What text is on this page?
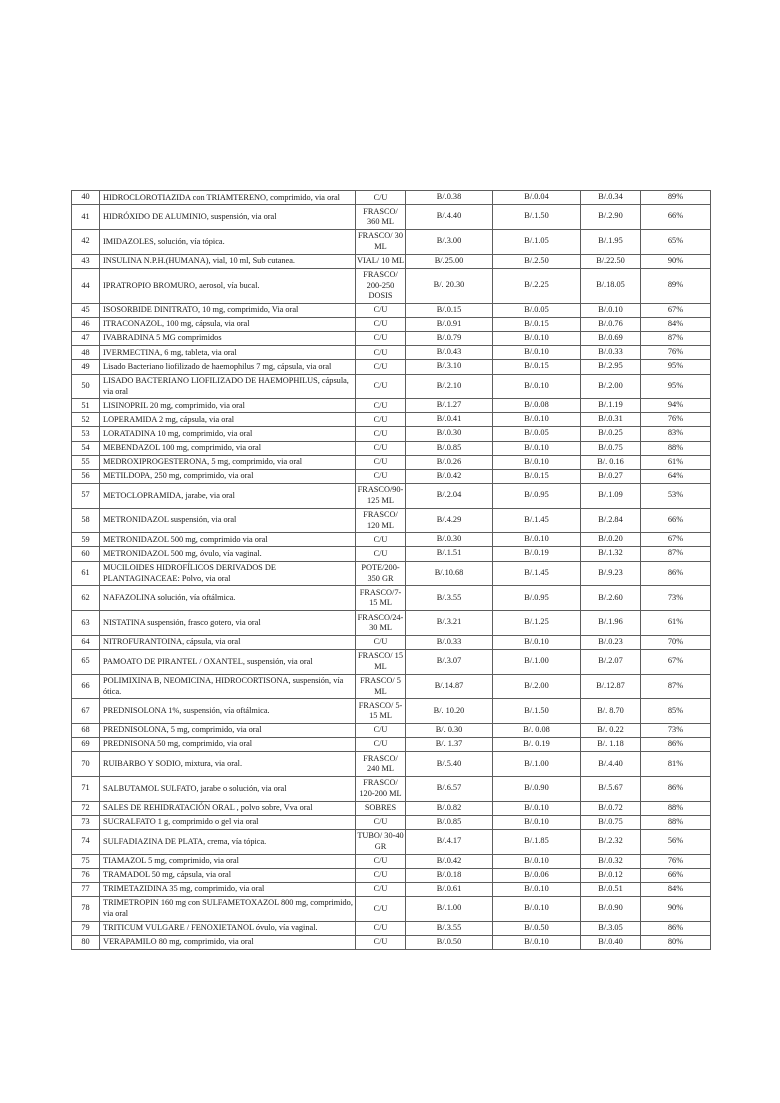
40	HIDROCLOROTIAZIDA con TRIAMTERENO, comprimido, via oral	C/U	B/.0.38	B/.0.04	B/.0.34	89%

41	HIDRÓXIDO DE ALUMINIO, suspensión, via oral	FRASCO/ 360 ML	B/.4.40	B/.1.50	B/.2.90	66%

42	IMIDAZOLES, solución, vía tópica.	FRASCO/ 30 ML	B/.3.00	B/.1.05	B/.1.95	65%

43	INSULINA N.P.H.(HUMANA), vial, 10 ml, Sub cutanea.	VIAL/ 10 ML	B/.25.00	B/.2.50	B/.22.50	90%

44	IPRATROPIO BROMURO, aerosol, vía bucal.	FRASCO/ 200-250 DOSIS	B/. 20.30	B/.2.25	B/.18.05	89%

45	ISOSORBIDE DINITRATO, 10 mg, comprimido, Via oral	C/U	B/.0.15	B/.0.05	B/.0.10	67%

46	ITRACONAZOL, 100 mg, cápsula, via oral	C/U	B/.0.91	B/.0.15	B/.0.76	84%

47	IVABRADINA 5 MG comprimidos	C/U	B/.0.79	B/.0.10	B/.0.69	87%

48	IVERMECTINA, 6 mg, tableta, via oral	C/U	B/.0.43	B/.0.10	B/.0.33	76%

49	Lisado Bacteriano liofilizado de haemophilus 7 mg, cápsula, via oral	C/U	B/.3.10	B/.0.15	B/.2.95	95%

50	LISADO BACTERIANO LIOFILIZADO DE HAEMOPHILUS, cápsula, via oral	C/U	B/.2.10	B/.0.10	B/.2.00	95%

51	LISINOPRIL 20 mg, comprimido, via oral	C/U	B/.1.27	B/.0.08	B/.1.19	94%

52	LOPERAMIDA 2 mg, cápsula, via oral	C/U	B/.0.41	B/.0.10	B/.0.31	76%

53	LORATADINA 10 mg, comprimido, via oral	C/U	B/.0.30	B/.0.05	B/.0.25	83%

54	MEBENDAZOL 100 mg, comprimido, via oral	C/U	B/.0.85	B/.0.10	B/.0.75	88%

55	MEDROXIPROGESTERONA, 5 mg, comprimido, via oral	C/U	B/.0.26	B/.0.10	B/. 0.16	61%

56	METILDOPA, 250 mg, comprimido, via oral	C/U	B/.0.42	B/.0.15	B/.0.27	64%

57	METOCLOPRAMIDA, jarabe, via oral	FRASCO/90-125 ML	B/.2.04	B/.0.95	B/.1.09	53%

58	METRONIDAZOL suspensión, via oral	FRASCO/ 120 ML	B/.4.29	B/.1.45	B/.2.84	66%

59	METRONIDAZOL 500 mg, comprimido via oral	C/U	B/.0.30	B/.0.10	B/.0.20	67%

60	METRONIDAZOL 500 mg, óvulo, vía vaginal.	C/U	B/.1.51	B/.0.19	B/.1.32	87%

61	MUCILOIDES HIDROFÍLICOS DERIVADOS DE PLANTAGINACEAE: Polvo, via oral	POTE/200-350 GR	B/.10.68	B/.1.45	B/.9.23	86%

62	NAFAZOLINA solución, vía oftálmica.	FRASCO/7-15 ML	B/.3.55	B/.0.95	B/.2.60	73%

63	NISTATINA suspensión, frasco gotero, via oral	FRASCO/24-30 ML	B/.3.21	B/.1.25	B/.1.96	61%

64	NITROFURANTOINA, cápsula, via oral	C/U	B/.0.33	B/.0.10	B/.0.23	70%

65	PAMOATO DE PIRANTEL / OXANTEL, suspensión, via oral	FRASCO/ 15 ML	B/.3.07	B/.1.00	B/.2.07	67%

66	POLIMIXINA B, NEOMICINA, HIDROCORTISONA, suspensión, vía ótica.	FRASCO/ 5 ML	B/.14.87	B/.2.00	B/.12.87	87%

67	PREDNISOLONA 1%, suspensión, vía oftálmica.	FRASCO/ 5-15 ML	B/. 10.20	B/.1.50	B/. 8.70	85%

68	PREDNISOLONA, 5 mg, comprimido, via oral	C/U	B/. 0.30	B/. 0.08	B/. 0.22	73%

69	PREDNISONA 50 mg, comprimido, via oral	C/U	B/. 1.37	B/. 0.19	B/. 1.18	86%

70	RUIBARBO Y SODIO, mixtura, via oral.	FRASCO/ 240 ML	B/.5.40	B/.1.00	B/.4.40	81%

71	SALBUTAMOL SULFATO, jarabe o solución, via oral	FRASCO/ 120-200 ML	B/.6.57	B/.0.90	B/.5.67	86%

72	SALES DE REHIDRATACIÓN ORAL , polvo sobre, Vva oral	SOBRES	B/.0.82	B/.0.10	B/.0.72	88%

73	SUCRALFATO 1 g, comprimido o gel via oral	C/U	B/.0.85	B/.0.10	B/.0.75	88%

74	SULFADIAZINA DE PLATA, crema, vía tópica.	TUBO/ 30-40 GR	B/.4.17	B/.1.85	B/.2.32	56%

75	TIAMAZOL 5 mg, comprimido, via oral	C/U	B/.0.42	B/.0.10	B/.0.32	76%

76	TRAMADOL 50 mg, cápsula, via oral	C/U	B/.0.18	B/.0.06	B/.0.12	66%

77	TRIMETAZIDINA 35 mg, comprimido, via oral	C/U	B/.0.61	B/.0.10	B/.0.51	84%

78	TRIMETROPIN 160 mg con SULFAMETOXAZOL 800 mg, comprimido, via oral	C/U	B/.1.00	B/.0.10	B/.0.90	90%

79	TRITICUM VULGARE / FENOXIETANOL óvulo, vía vaginal.	C/U	B/.3.55	B/.0.50	B/.3.05	86%

80	VERAPAMILO 80 mg, comprimido, via oral	C/U	B/.0.50	B/.0.10	B/.0.40	80%
